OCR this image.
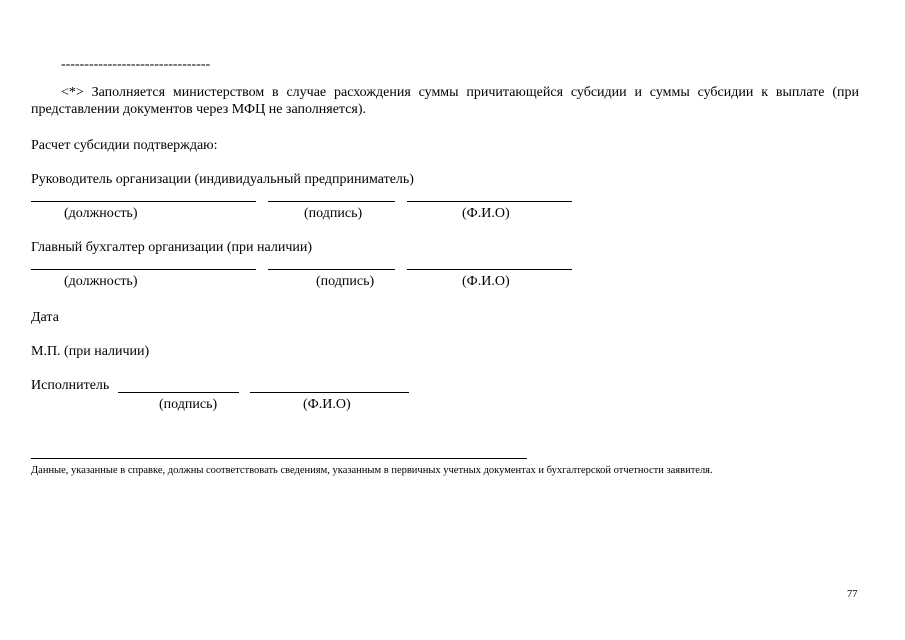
--------------------------------
<*> Заполняется министерством в случае расхождения суммы причитающейся субсидии и суммы субсидии к выплате (при представлении документов через МФЦ не заполняется).
Расчет субсидии подтверждаю:
Руководитель организации (индивидуальный предприниматель)
(должность)	(подпись)	(Ф.И.О)
Главный бухгалтер организации (при наличии)
(должность)	(подпись)	(Ф.И.О)
Дата
М.П. (при наличии)
Исполнитель
(подпись)	(Ф.И.О)
Данные, указанные в справке, должны соответствовать сведениям, указанным в первичных учетных документах и бухгалтерской отчетности заявителя.
77
